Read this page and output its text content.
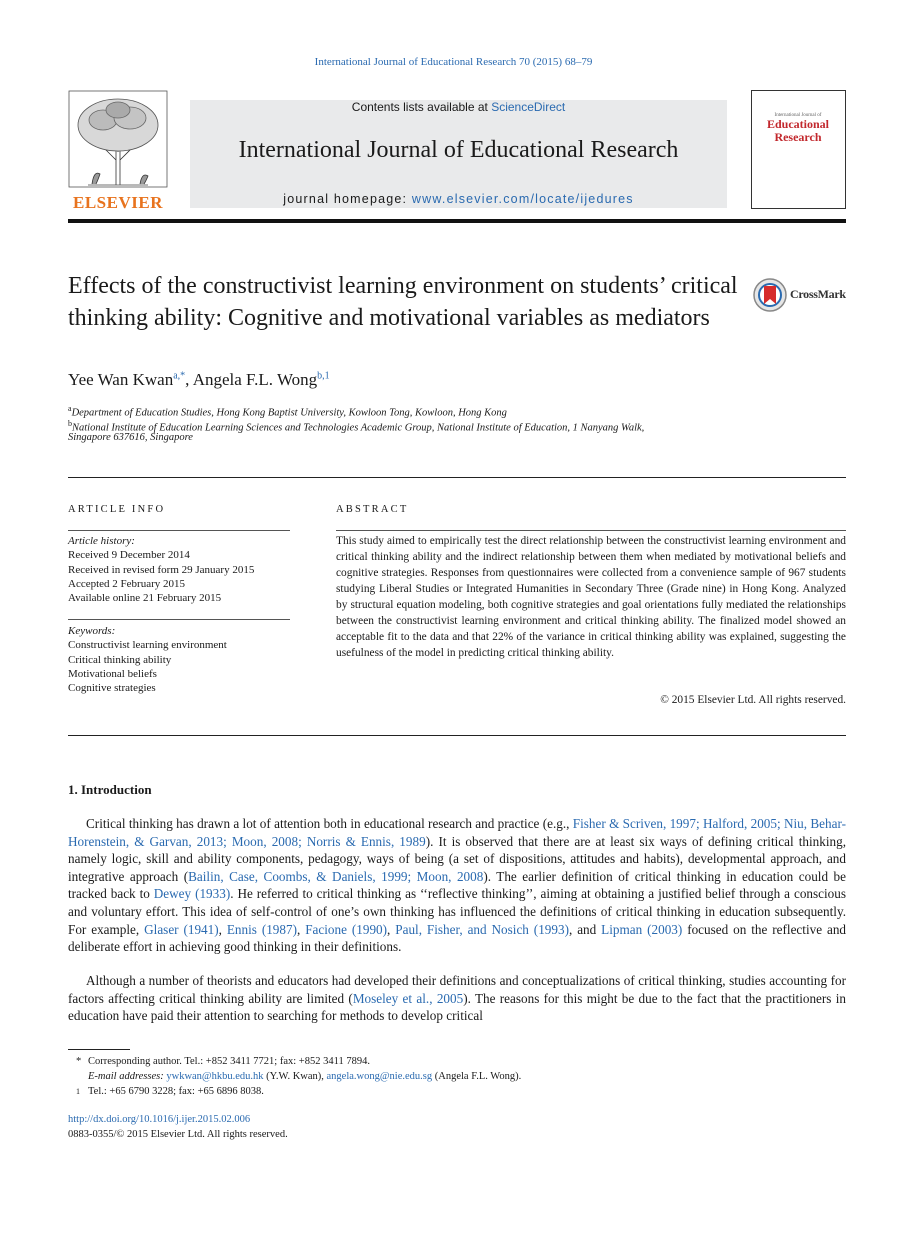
International Journal of Educational Research 70 (2015) 68–79
ELSEVIER
Contents lists available at ScienceDirect
International Journal of Educational Research
journal homepage: www.elsevier.com/locate/ijedures
International Journal of
Educational
Research
Effects of the constructivist learning environment on students’ critical thinking ability: Cognitive and motivational variables as mediators
CrossMark
Yee Wan Kwan$^{a,*}$, Angela F.L. Wong$^{b,1}$
$^a$Department of Education Studies, Hong Kong Baptist University, Kowloon Tong, Kowloon, Hong Kong
$^b$National Institute of Education Learning Sciences and Technologies Academic Group, National Institute of Education, 1 Nanyang Walk,
Singapore 637616, Singapore
ARTICLE INFO
Article history:
Received 9 December 2014
Received in revised form 29 January 2015
Accepted 2 February 2015
Available online 21 February 2015
Keywords:
Constructivist learning environment
Critical thinking ability
Motivational beliefs
Cognitive strategies
ABSTRACT
This study aimed to empirically test the direct relationship between the constructivist learning environment and critical thinking ability and the indirect relationship between them when mediated by motivational beliefs and cognitive strategies. Responses from questionnaires were collected from a convenience sample of 967 students studying Liberal Studies or Integrated Humanities in Secondary Three (Grade nine) in Hong Kong. Analyzed by structural equation modeling, both cognitive strategies and goal orientations fully mediated the relationships between the constructivist learning environment and critical thinking ability. The finalized model showed an acceptable fit to the data and that 22% of the variance in critical thinking ability was explained, suggesting the usefulness of the model in predicting critical thinking ability.
© 2015 Elsevier Ltd. All rights reserved.
1. Introduction
Critical thinking has drawn a lot of attention both in educational research and practice (e.g., Fisher & Scriven, 1997; Halford, 2005; Niu, Behar-Horenstein, & Garvan, 2013; Moon, 2008; Norris & Ennis, 1989). It is observed that there are at least six ways of defining critical thinking, namely logic, skill and ability components, pedagogy, ways of being (a set of dispositions, attitudes and habits), developmental approach, and integrative approach (Bailin, Case, Coombs, & Daniels, 1999; Moon, 2008). The earlier definition of critical thinking in education could be tracked back to Dewey (1933). He referred to critical thinking as ‘‘reflective thinking’’, aiming at obtaining a justified belief through a conscious and voluntary effort. This idea of self-control of one’s own thinking has influenced the definitions of critical thinking in education subsequently. For example, Glaser (1941), Ennis (1987), Facione (1990), Paul, Fisher, and Nosich (1993), and Lipman (2003) focused on the reflective and deliberate effort in achieving good thinking in their definitions.
Although a number of theorists and educators had developed their definitions and conceptualizations of critical thinking, studies accounting for factors affecting critical thinking ability are limited (Moseley et al., 2005). The reasons for this might be due to the fact that the practitioners in education have paid their attention to searching for methods to develop critical
* Corresponding author. Tel.: +852 3411 7721; fax: +852 3411 7894.
E-mail addresses: ywkwan@hkbu.edu.hk (Y.W. Kwan), angela.wong@nie.edu.sg (Angela F.L. Wong).
1 Tel.: +65 6790 3228; fax: +65 6896 8038.
http://dx.doi.org/10.1016/j.ijer.2015.02.006
0883-0355/© 2015 Elsevier Ltd. All rights reserved.
